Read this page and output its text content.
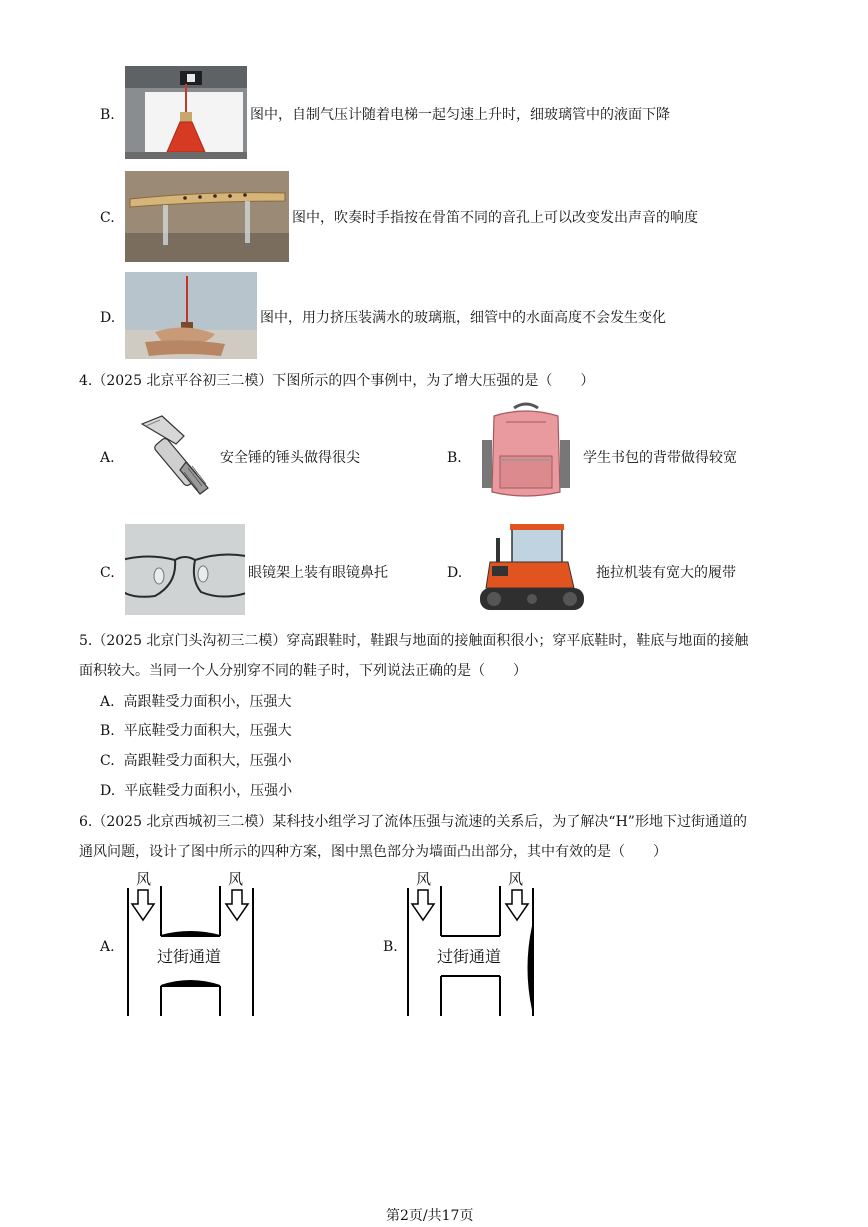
B.	图中，自制气压计随着电梯一起匀速上升时，细玻璃管中的液面下降
C.	图中，吹奏时手指按在骨笛不同的音孔上可以改变发出声音的响度
D.	图中，用力挤压装满水的玻璃瓶，细管中的水面高度不会发生变化
4.（2025 北京平谷初三二模）下图所示的四个事例中，为了增大压强的是（　　）
A.	安全锤的锤头做得很尖	B.	学生书包的背带做得较宽
C.	眼镜架上装有眼镜鼻托	D.	拖拉机装有宽大的履带
5.（2025 北京门头沟初三二模）穿高跟鞋时，鞋跟与地面的接触面积很小；穿平底鞋时，鞋底与地面的接触
面积较大。当同一个人分别穿不同的鞋子时，下列说法正确的是（　　）
A. 高跟鞋受力面积小，压强大
B. 平底鞋受力面积大，压强大
C. 高跟鞋受力面积大，压强小
D. 平底鞋受力面积小，压强小
6.（2025 北京西城初三二模）某科技小组学习了流体压强与流速的关系后，为了解决“H”形地下过街通道的
通风问题，设计了图中所示的四种方案，图中黑色部分为墙面凸出部分，其中有效的是（　　）
A.
风	风
过街通道	B.
风	风
过街通道
第2页/共17页
